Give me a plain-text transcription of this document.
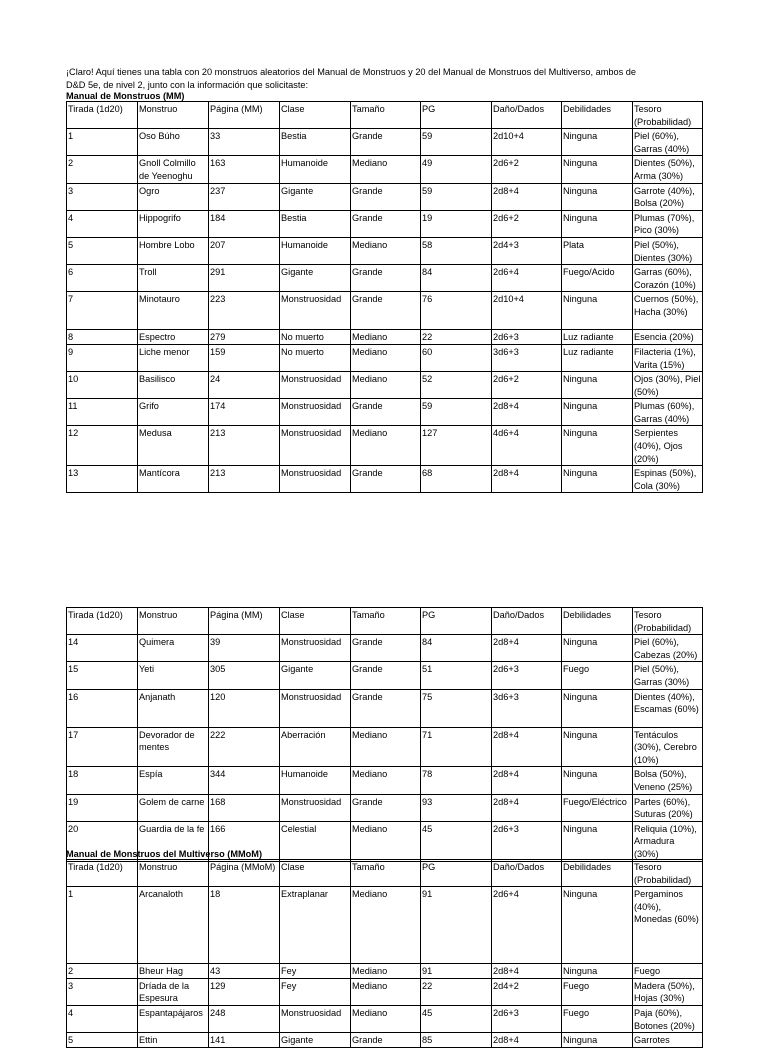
¡Claro! Aquí tienes una tabla con 20 monstruos aleatorios del Manual de Monstruos y 20 del Manual de Monstruos del Multiverso, ambos de
D&D 5e, de nivel 2, junto con la información que solicitaste:
Manual de Monstruos (MM)
Tirada (1d20)	Monstruo	Página (MM)	Clase	Tamaño	PG	Daño/Dados	Debilidades	Tesoro (Probabilidad)
1	Oso Búho	33	Bestia	Grande	59	2d10+4	Ninguna	Piel (60%), Garras (40%)
2	Gnoll Colmillo de Yeenoghu	163	Humanoide	Mediano	49	2d6+2	Ninguna	Dientes (50%), Arma (30%)
3	Ogro	237	Gigante	Grande	59	2d8+4	Ninguna	Garrote (40%), Bolsa (20%)
4	Hippogrifo	184	Bestia	Grande	19	2d6+2	Ninguna	Plumas (70%), Pico (30%)
5	Hombre Lobo	207	Humanoide	Mediano	58	2d4+3	Plata	Piel (50%), Dientes (30%)
6	Troll	291	Gigante	Grande	84	2d6+4	Fuego/Acido	Garras (60%), Corazón (10%)
7	Minotauro	223	Monstruosidad	Grande	76	2d10+4	Ninguna	Cuernos (50%), Hacha (30%)
8	Espectro	279	No muerto	Mediano	22	2d6+3	Luz radiante	Esencia (20%)
9	Liche menor	159	No muerto	Mediano	60	3d6+3	Luz radiante	Filacteria (1%), Varita (15%)
10	Basilisco	24	Monstruosidad	Mediano	52	2d6+2	Ninguna	Ojos (30%), Piel (50%)
11	Grifo	174	Monstruosidad	Grande	59	2d8+4	Ninguna	Plumas (60%), Garras (40%)
12	Medusa	213	Monstruosidad	Mediano	127	4d6+4	Ninguna	Serpientes (40%), Ojos (20%)
13	Mantícora	213	Monstruosidad	Grande	68	2d8+4	Ninguna	Espinas (50%), Cola (30%)
Tirada (1d20)	Monstruo	Página (MM)	Clase	Tamaño	PG	Daño/Dados	Debilidades	Tesoro (Probabilidad)
14	Quimera	39	Monstruosidad	Grande	84	2d8+4	Ninguna	Piel (60%), Cabezas (20%)
15	Yeti	305	Gigante	Grande	51	2d6+3	Fuego	Piel (50%), Garras (30%)
16	Anjanath	120	Monstruosidad	Grande	75	3d6+3	Ninguna	Dientes (40%), Escamas (60%)
17	Devorador de mentes	222	Aberración	Mediano	71	2d8+4	Ninguna	Tentáculos (30%), Cerebro (10%)
18	Espía	344	Humanoide	Mediano	78	2d8+4	Ninguna	Bolsa (50%), Veneno (25%)
19	Golem de carne	168	Monstruosidad	Grande	93	2d8+4	Fuego/Eléctrico	Partes (60%), Suturas (20%)
20	Guardia de la fe	166	Celestial	Mediano	45	2d6+3	Ninguna	Reliquia (10%), Armadura (30%)
Manual de Monstruos del Multiverso (MMoM)
Tirada (1d20)	Monstruo	Página (MMoM)	Clase	Tamaño	PG	Daño/Dados	Debilidades	Tesoro (Probabilidad)
1	Arcanaloth	18	Extraplanar	Mediano	91	2d6+4	Ninguna	Pergaminos (40%), Monedas (60%)
2	Bheur Hag	43	Fey	Mediano	91	2d8+4	Ninguna	Fuego
3	Dríada de la Espesura	129	Fey	Mediano	22	2d4+2	Fuego	Madera (50%), Hojas (30%)
4	Espantapájaros	248	Monstruosidad	Mediano	45	2d6+3	Fuego	Paja (60%), Botones (20%)
5	Ettin	141	Gigante	Grande	85	2d8+4	Ninguna	Garrotes
